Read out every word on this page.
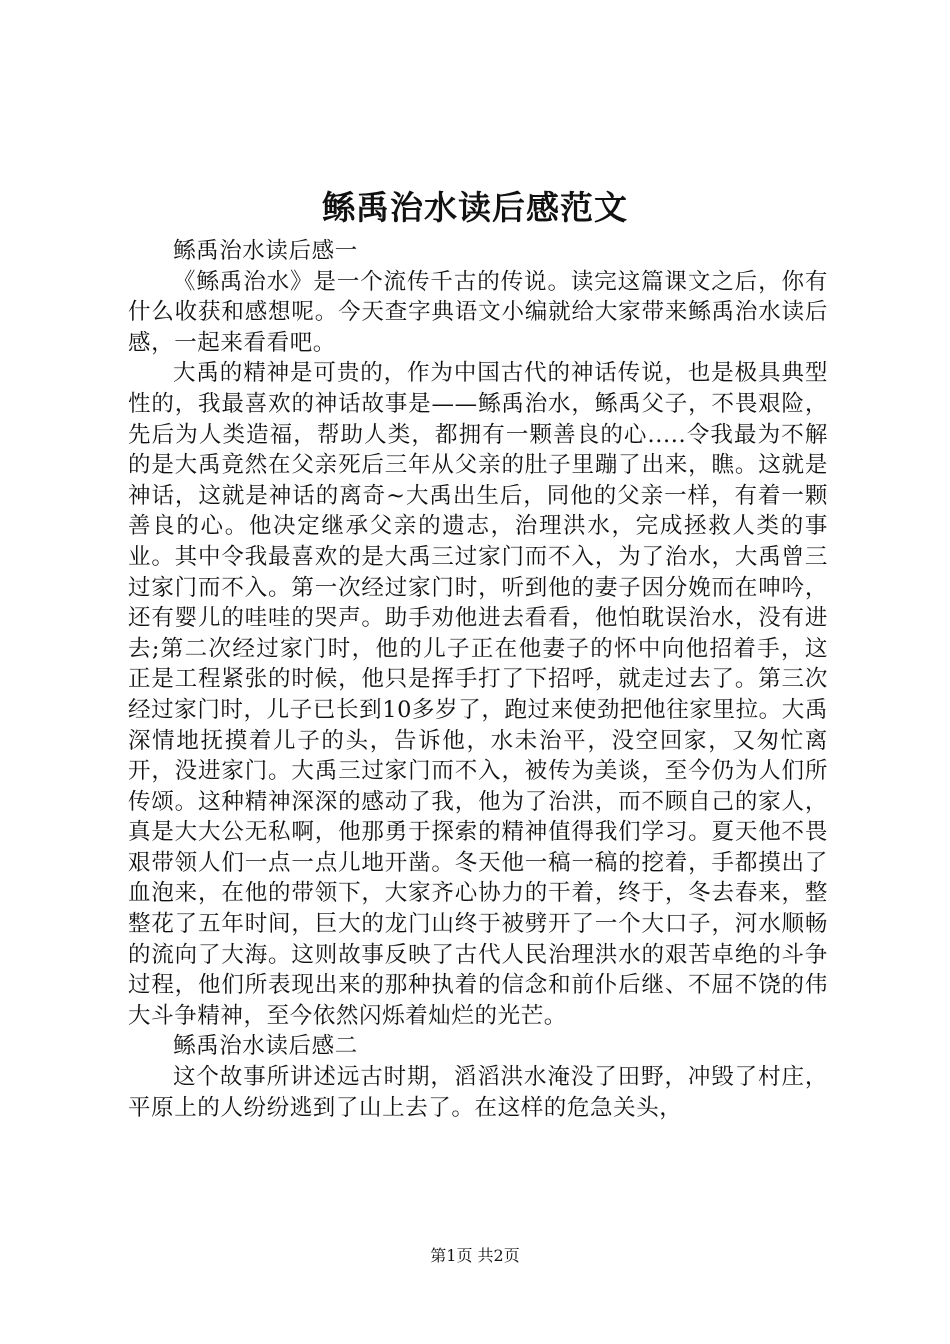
鲧禹治水读后感范文

鲧禹治水读后感一

《鲧禹治水》是一个流传千古的传说。读完这篇课文之后，你有什么收获和感想呢。今天查字典语文小编就给大家带来鲧禹治水读后感，一起来看看吧。

大禹的精神是可贵的，作为中国古代的神话传说，也是极具典型性的，我最喜欢的神话故事是——鲧禹治水，鲧禹父子，不畏艰险，先后为人类造福，帮助人类，都拥有一颗善良的心.....令我最为不解的是大禹竟然在父亲死后三年从父亲的肚子里蹦了出来，瞧。这就是神话，这就是神话的离奇~大禹出生后，同他的父亲一样，有着一颗善良的心。他决定继承父亲的遗志，治理洪水，完成拯救人类的事业。其中令我最喜欢的是大禹三过家门而不入，为了治水，大禹曾三过家门而不入。第一次经过家门时，听到他的妻子因分娩而在呻吟，还有婴儿的哇哇的哭声。助手劝他进去看看，他怕耽误治水，没有进去;第二次经过家门时，他的儿子正在他妻子的怀中向他招着手，这正是工程紧张的时候，他只是挥手打了下招呼，就走过去了。第三次经过家门时，儿子已长到10多岁了，跑过来使劲把他往家里拉。大禹深情地抚摸着儿子的头，告诉他，水未治平，没空回家，又匆忙离开，没进家门。大禹三过家门而不入，被传为美谈，至今仍为人们所传颂。这种精神深深的感动了我，他为了治洪，而不顾自己的家人，真是大大公无私啊，他那勇于探索的精神值得我们学习。夏天他不畏艰带领人们一点一点儿地开凿。冬天他一稿一稿的挖着，手都摸出了血泡来，在他的带领下，大家齐心协力的干着，终于，冬去春来，整整花了五年时间，巨大的龙门山终于被劈开了一个大口子，河水顺畅的流向了大海。这则故事反映了古代人民治理洪水的艰苦卓绝的斗争过程，他们所表现出来的那种执着的信念和前仆后继、不屈不饶的伟大斗争精神，至今依然闪烁着灿烂的光芒。

鲧禹治水读后感二

这个故事所讲述远古时期，滔滔洪水淹没了田野，冲毁了村庄，平原上的人纷纷逃到了山上去了。在这样的危急关头，

第1页 共2页
